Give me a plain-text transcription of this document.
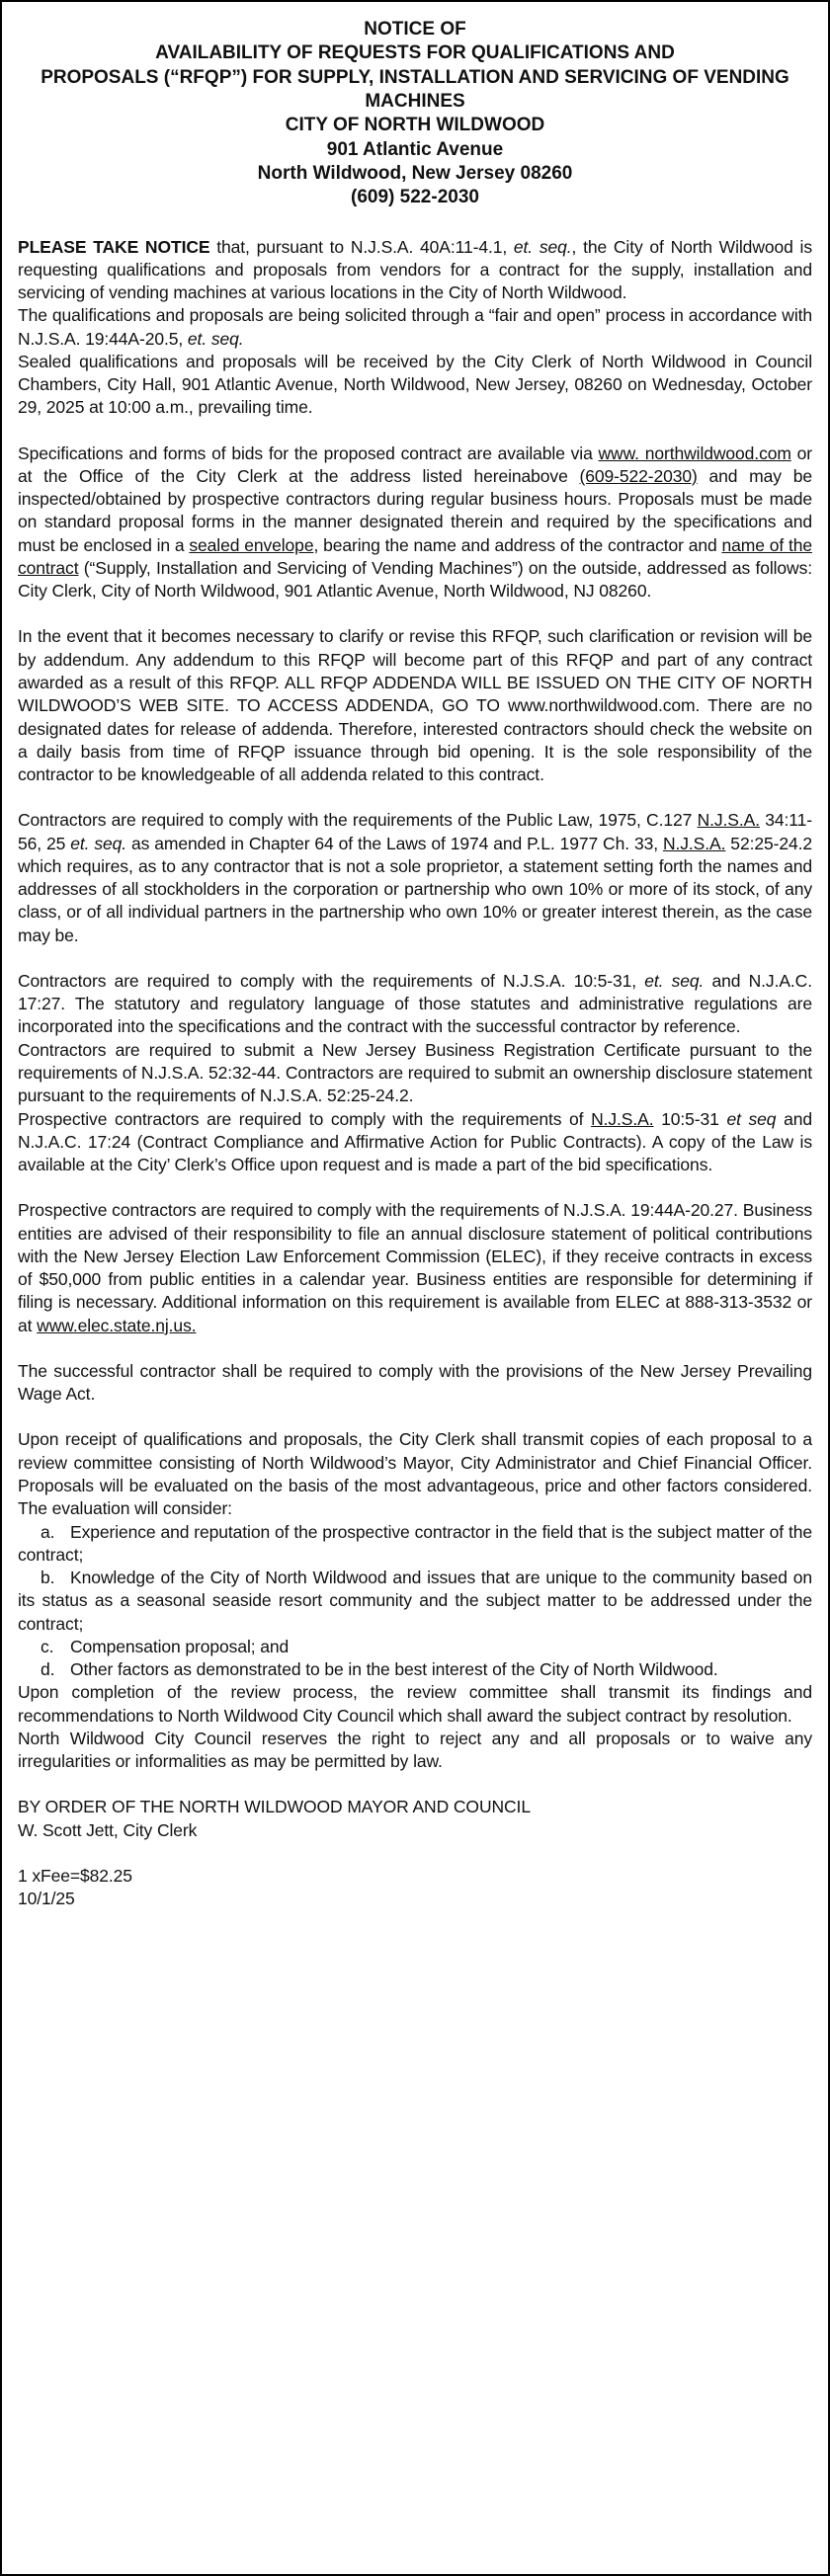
NOTICE OF
AVAILABILITY OF REQUESTS FOR QUALIFICATIONS AND
PROPOSALS (“RFQP”) FOR SUPPLY, INSTALLATION AND SERVICING OF VENDING MACHINES
CITY OF NORTH WILDWOOD
901 Atlantic Avenue
North Wildwood, New Jersey 08260
(609) 522-2030

PLEASE TAKE NOTICE that, pursuant to N.J.S.A. 40A:11-4.1, et. seq., the City of North Wildwood is requesting qualifications and proposals from vendors for a contract for the supply, installation and servicing of vending machines at various locations in the City of North Wildwood.

The qualifications and proposals are being solicited through a “fair and open” process in accordance with N.J.S.A. 19:44A-20.5, et. seq.

Sealed qualifications and proposals will be received by the City Clerk of North Wildwood in Council Chambers, City Hall, 901 Atlantic Avenue, North Wildwood, New Jersey, 08260 on Wednesday, October 29, 2025 at 10:00 a.m., prevailing time.

Specifications and forms of bids for the proposed contract are available via www. northwildwood.com or at the Office of the City Clerk at the address listed hereinabove (609-522-2030) and may be inspected/obtained by prospective contractors during regular business hours. Proposals must be made on standard proposal forms in the manner designated therein and required by the specifications and must be enclosed in a sealed envelope, bearing the name and address of the contractor and name of the contract (“Supply, Installation and Servicing of Vending Machines”) on the outside, addressed as follows: City Clerk, City of North Wildwood, 901 Atlantic Avenue, North Wildwood, NJ 08260.

In the event that it becomes necessary to clarify or revise this RFQP, such clarification or revision will be by addendum. Any addendum to this RFQP will become part of this RFQP and part of any contract awarded as a result of this RFQP. ALL RFQP ADDENDA WILL BE ISSUED ON THE CITY OF NORTH WILDWOOD’S WEB SITE. TO ACCESS ADDENDA, GO TO www.northwildwood.com. There are no designated dates for release of addenda. Therefore, interested contractors should check the website on a daily basis from time of RFQP issuance through bid opening. It is the sole responsibility of the contractor to be knowledgeable of all addenda related to this contract.

Contractors are required to comply with the requirements of the Public Law, 1975, C.127 N.J.S.A. 34:11-56, 25 et. seq. as amended in Chapter 64 of the Laws of 1974 and P.L. 1977 Ch. 33, N.J.S.A. 52:25-24.2 which requires, as to any contractor that is not a sole proprietor, a statement setting forth the names and addresses of all stockholders in the corporation or partnership who own 10% or more of its stock, of any class, or of all individual partners in the partnership who own 10% or greater interest therein, as the case may be.

Contractors are required to comply with the requirements of N.J.S.A. 10:5-31, et. seq. and N.J.A.C. 17:27. The statutory and regulatory language of those statutes and administrative regulations are incorporated into the specifications and the contract with the successful contractor by reference.

Contractors are required to submit a New Jersey Business Registration Certificate pursuant to the requirements of N.J.S.A. 52:32-44. Contractors are required to submit an ownership disclosure statement pursuant to the requirements of N.J.S.A. 52:25-24.2.

Prospective contractors are required to comply with the requirements of N.J.S.A. 10:5-31 et seq and N.J.A.C. 17:24 (Contract Compliance and Affirmative Action for Public Contracts). A copy of the Law is available at the City’ Clerk’s Office upon request and is made a part of the bid specifications.

Prospective contractors are required to comply with the requirements of N.J.S.A. 19:44A-20.27. Business entities are advised of their responsibility to file an annual disclosure statement of political contributions with the New Jersey Election Law Enforcement Commission (ELEC), if they receive contracts in excess of $50,000 from public entities in a calendar year. Business entities are responsible for determining if filing is necessary. Additional information on this requirement is available from ELEC at 888-313-3532 or at www.elec.state.nj.us.

The successful contractor shall be required to comply with the provisions of the New Jersey Prevailing Wage Act.

Upon receipt of qualifications and proposals, the City Clerk shall transmit copies of each proposal to a review committee consisting of North Wildwood’s Mayor, City Administrator and Chief Financial Officer. Proposals will be evaluated on the basis of the most advantageous, price and other factors considered. The evaluation will consider:

a. Experience and reputation of the prospective contractor in the field that is the subject matter of the contract;
b. Knowledge of the City of North Wildwood and issues that are unique to the community based on its status as a seasonal seaside resort community and the subject matter to be addressed under the contract;
c. Compensation proposal; and
d. Other factors as demonstrated to be in the best interest of the City of North Wildwood.

Upon completion of the review process, the review committee shall transmit its findings and recommendations to North Wildwood City Council which shall award the subject contract by resolution.

North Wildwood City Council reserves the right to reject any and all proposals or to waive any irregularities or informalities as may be permitted by law.

BY ORDER OF THE NORTH WILDWOOD MAYOR AND COUNCIL
W. Scott Jett, City Clerk
1 xFee=$82.25
10/1/25
